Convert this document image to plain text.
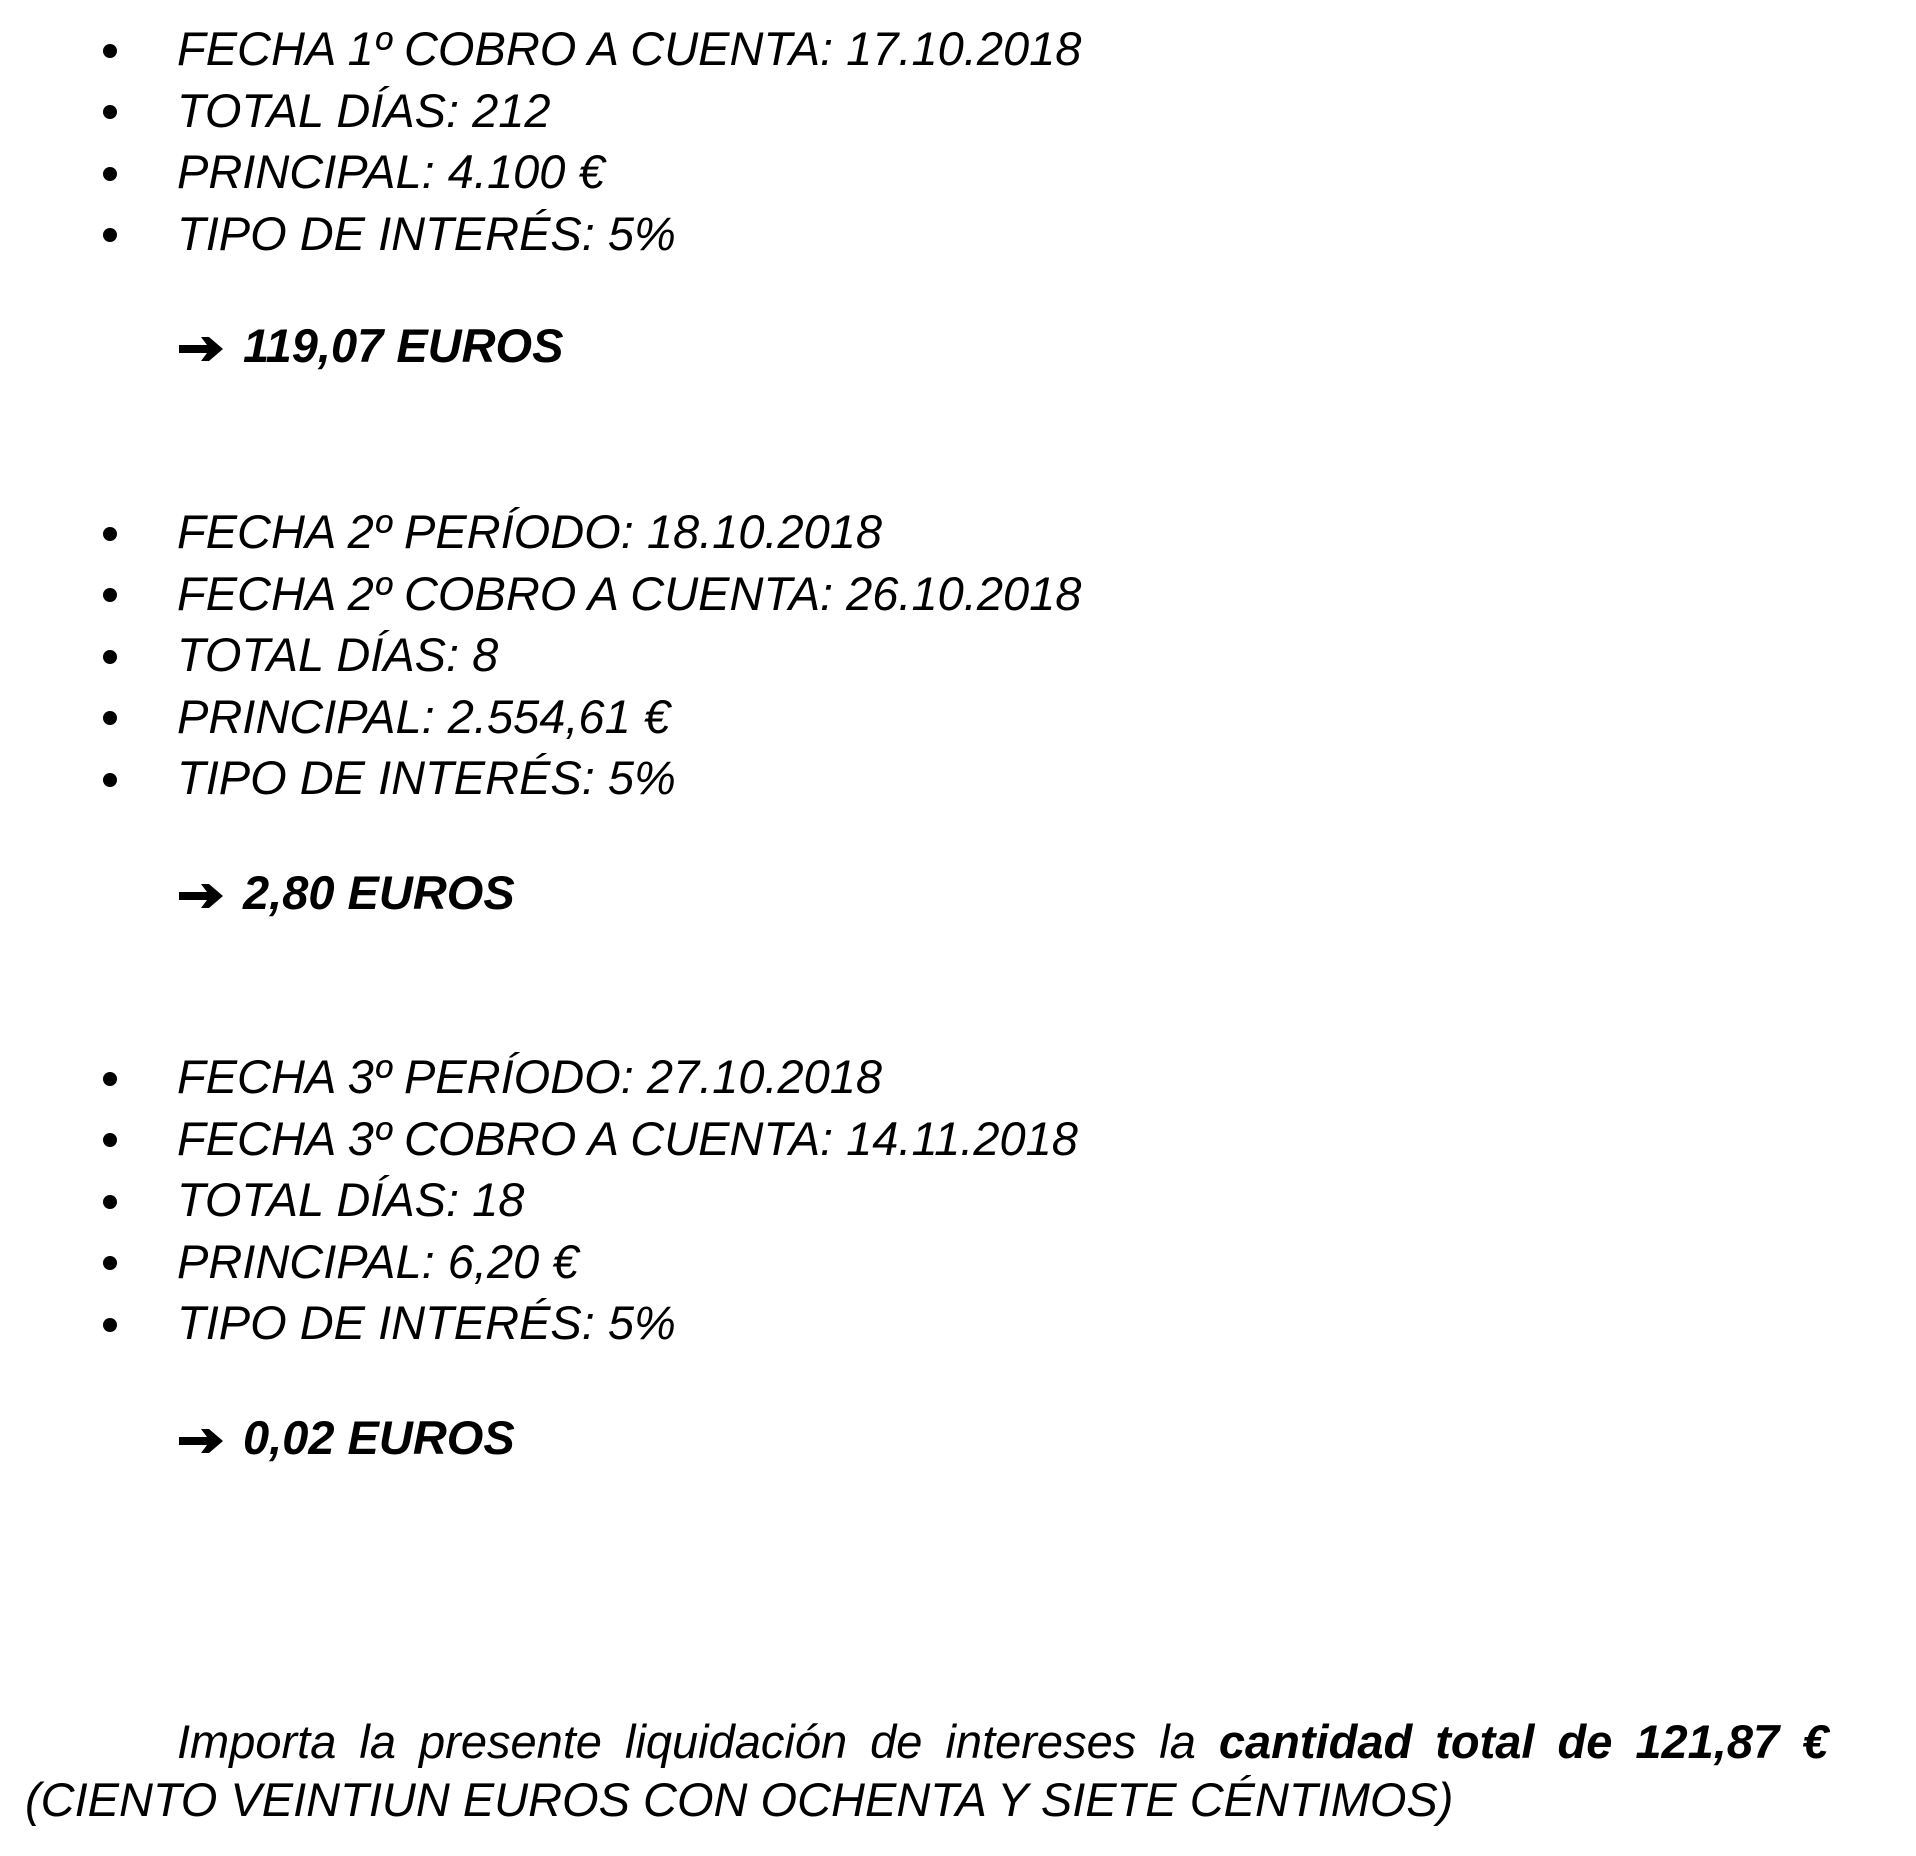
FECHA 1º COBRO A CUENTA: 17.10.2018
TOTAL DÍAS: 212
PRINCIPAL: 4.100 €
TIPO DE INTERÉS: 5%
119,07 EUROS
FECHA 2º PERÍODO: 18.10.2018
FECHA 2º COBRO A CUENTA: 26.10.2018
TOTAL DÍAS: 8
PRINCIPAL: 2.554,61 €
TIPO DE INTERÉS: 5%
2,80 EUROS
FECHA 3º PERÍODO: 27.10.2018
FECHA 3º COBRO A CUENTA: 14.11.2018
TOTAL DÍAS: 18
PRINCIPAL: 6,20 €
TIPO DE INTERÉS: 5%
0,02 EUROS
Importa la presente liquidación de intereses la cantidad total de 121,87 €
(CIENTO VEINTIUN EUROS CON OCHENTA Y SIETE CÉNTIMOS)
